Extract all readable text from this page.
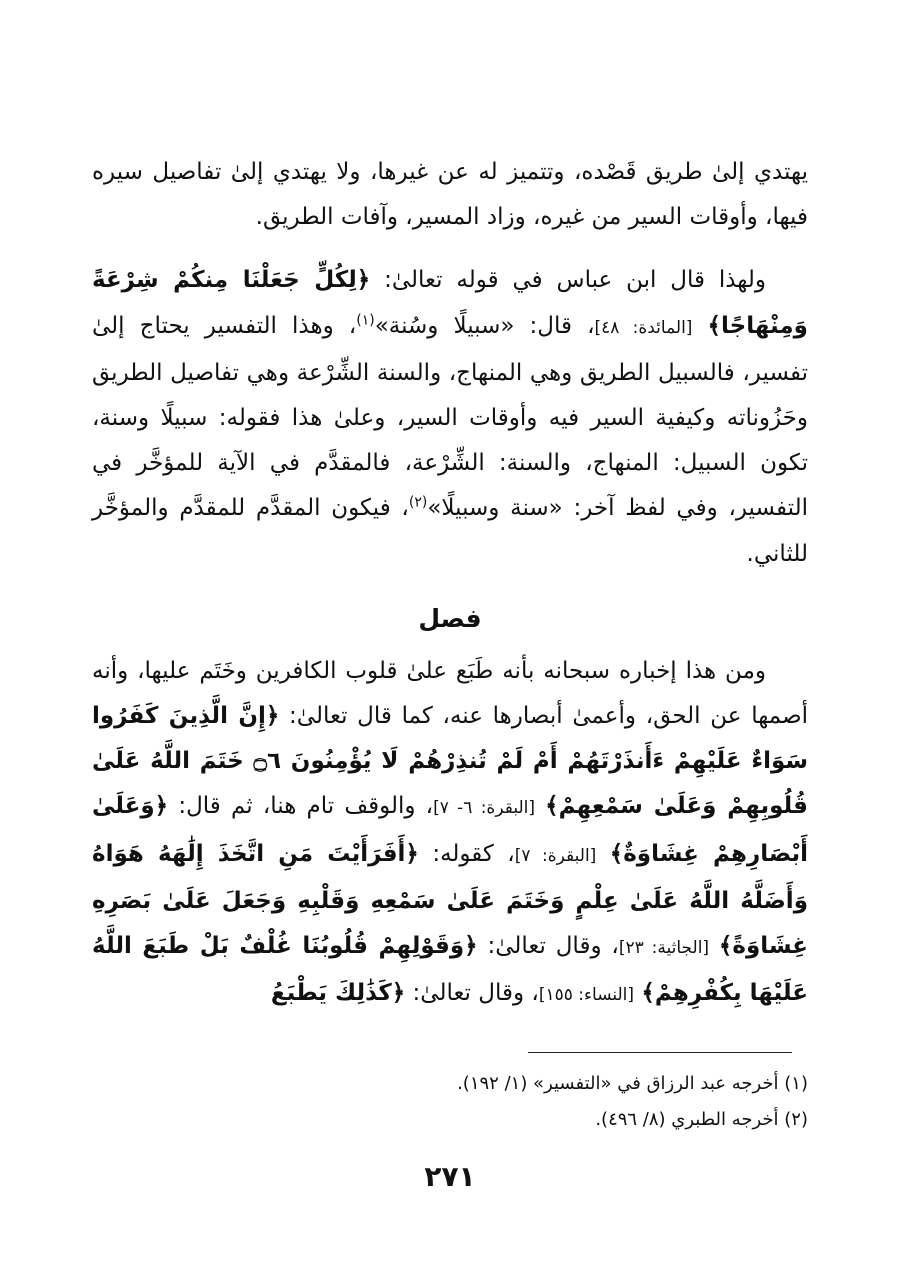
يهتدي إلىٰ طريق قَصْده، وتتميز له عن غيرها، ولا يهتدي إلىٰ تفاصيل سيره فيها، وأوقات السير من غيره، وزاد المسير، وآفات الطريق.

ولهذا قال ابن عباس في قوله تعالىٰ: ﴿لِكُلٍّ جَعَلْنَا مِنكُمْ شِرْعَةً وَمِنْهَاجًا﴾ [المائدة: ٤٨]، قال: «سبيلًا وسُنة»$^{(١)}$، وهذا التفسير يحتاج إلىٰ تفسير، فالسبيل الطريق وهي المنهاج، والسنة الشِّرْعة وهي تفاصيل الطريق وحَزُوناته وكيفية السير فيه وأوقات السير، وعلىٰ هذا فقوله: سبيلًا وسنة، تكون السبيل: المنهاج، والسنة: الشِّرْعة، فالمقدَّم في الآية للمؤخَّر في التفسير، وفي لفظ آخر: «سنة وسبيلًا»$^{(٢)}$، فيكون المقدَّم للمقدَّم والمؤخَّر للثاني.

فصل

ومن هذا إخباره سبحانه بأنه طَبَع علىٰ قلوب الكافرين وخَتَم عليها، وأنه أصمها عن الحق، وأعمىٰ أبصارها عنه، كما قال تعالىٰ: ﴿إِنَّ الَّذِينَ كَفَرُوا سَوَاءٌ عَلَيْهِمْ ءَأَنذَرْتَهُمْ أَمْ لَمْ تُنذِرْهُمْ لَا يُؤْمِنُونَ ۝٦ خَتَمَ اللَّهُ عَلَىٰ قُلُوبِهِمْ وَعَلَىٰ سَمْعِهِمْ﴾ [البقرة: ٦- ٧]، والوقف تام هنا، ثم قال: ﴿وَعَلَىٰ أَبْصَارِهِمْ غِشَاوَةٌ﴾ [البقرة: ٧]، كقوله: ﴿أَفَرَأَيْتَ مَنِ اتَّخَذَ إِلَٰهَهُ هَوَاهُ وَأَضَلَّهُ اللَّهُ عَلَىٰ عِلْمٍ وَخَتَمَ عَلَىٰ سَمْعِهِ وَقَلْبِهِ وَجَعَلَ عَلَىٰ بَصَرِهِ غِشَاوَةً﴾ [الجاثية: ٢٣]، وقال تعالىٰ: ﴿وَقَوْلِهِمْ قُلُوبُنَا غُلْفٌ بَلْ طَبَعَ اللَّهُ عَلَيْهَا بِكُفْرِهِمْ﴾ [النساء: ١٥٥]، وقال تعالىٰ: ﴿كَذَٰلِكَ يَطْبَعُ

(١) أخرجه عبد الرزاق في «التفسير» (١/ ١٩٢).

(٢) أخرجه الطبري (٨/ ٤٩٦).

٢٧١
